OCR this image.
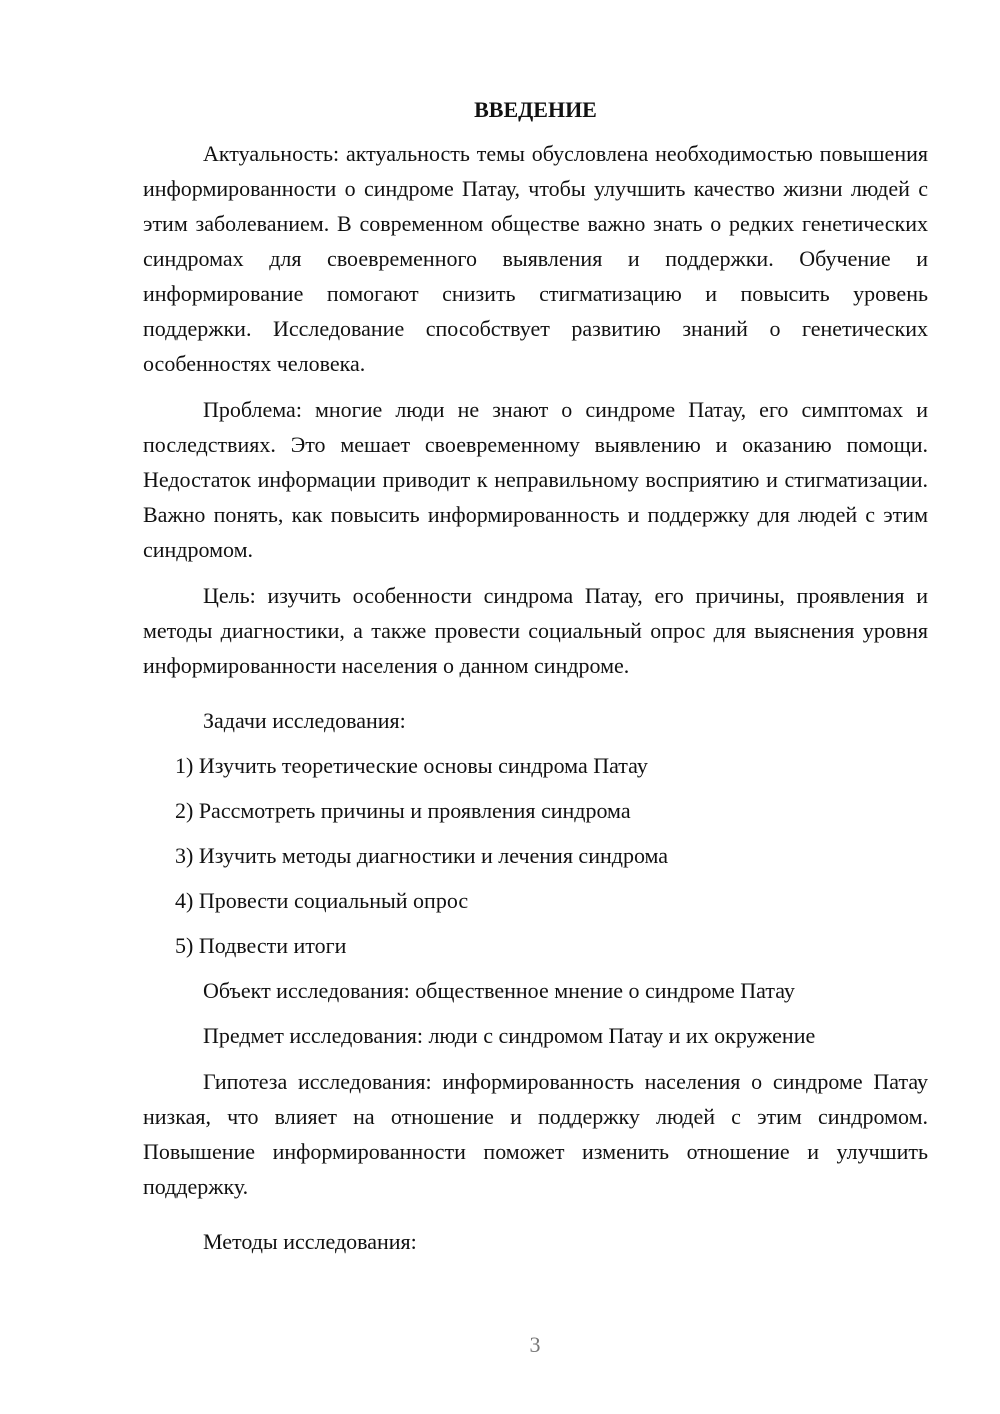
ВВЕДЕНИЕ

Актуальность: актуальность темы обусловлена необходимостью повышения информированности о синдроме Патау, чтобы улучшить качество жизни людей с этим заболеванием. В современном обществе важно знать о редких генетических синдромах для своевременного выявления и поддержки. Обучение и информирование помогают снизить стигматизацию и повысить уровень поддержки. Исследование способствует развитию знаний о генетических особенностях человека.

Проблема: многие люди не знают о синдроме Патау, его симптомах и последствиях. Это мешает своевременному выявлению и оказанию помощи. Недостаток информации приводит к неправильному восприятию и стигматизации. Важно понять, как повысить информированность и поддержку для людей с этим синдромом.

Цель: изучить особенности синдрома Патау, его причины, проявления и методы диагностики, а также провести социальный опрос для выяснения уровня информированности населения о данном синдроме.

Задачи исследования:

1) Изучить теоретические основы синдрома Патау

2) Рассмотреть причины и проявления синдрома

3) Изучить методы диагностики и лечения синдрома

4) Провести социальный опрос

5) Подвести итоги

Объект исследования: общественное мнение о синдроме Патау

Предмет исследования: люди с синдромом Патау и их окружение

Гипотеза исследования: информированность населения о синдроме Патау низкая, что влияет на отношение и поддержку людей с этим синдромом. Повышение информированности поможет изменить отношение и улучшить поддержку.

Методы исследования:

3
